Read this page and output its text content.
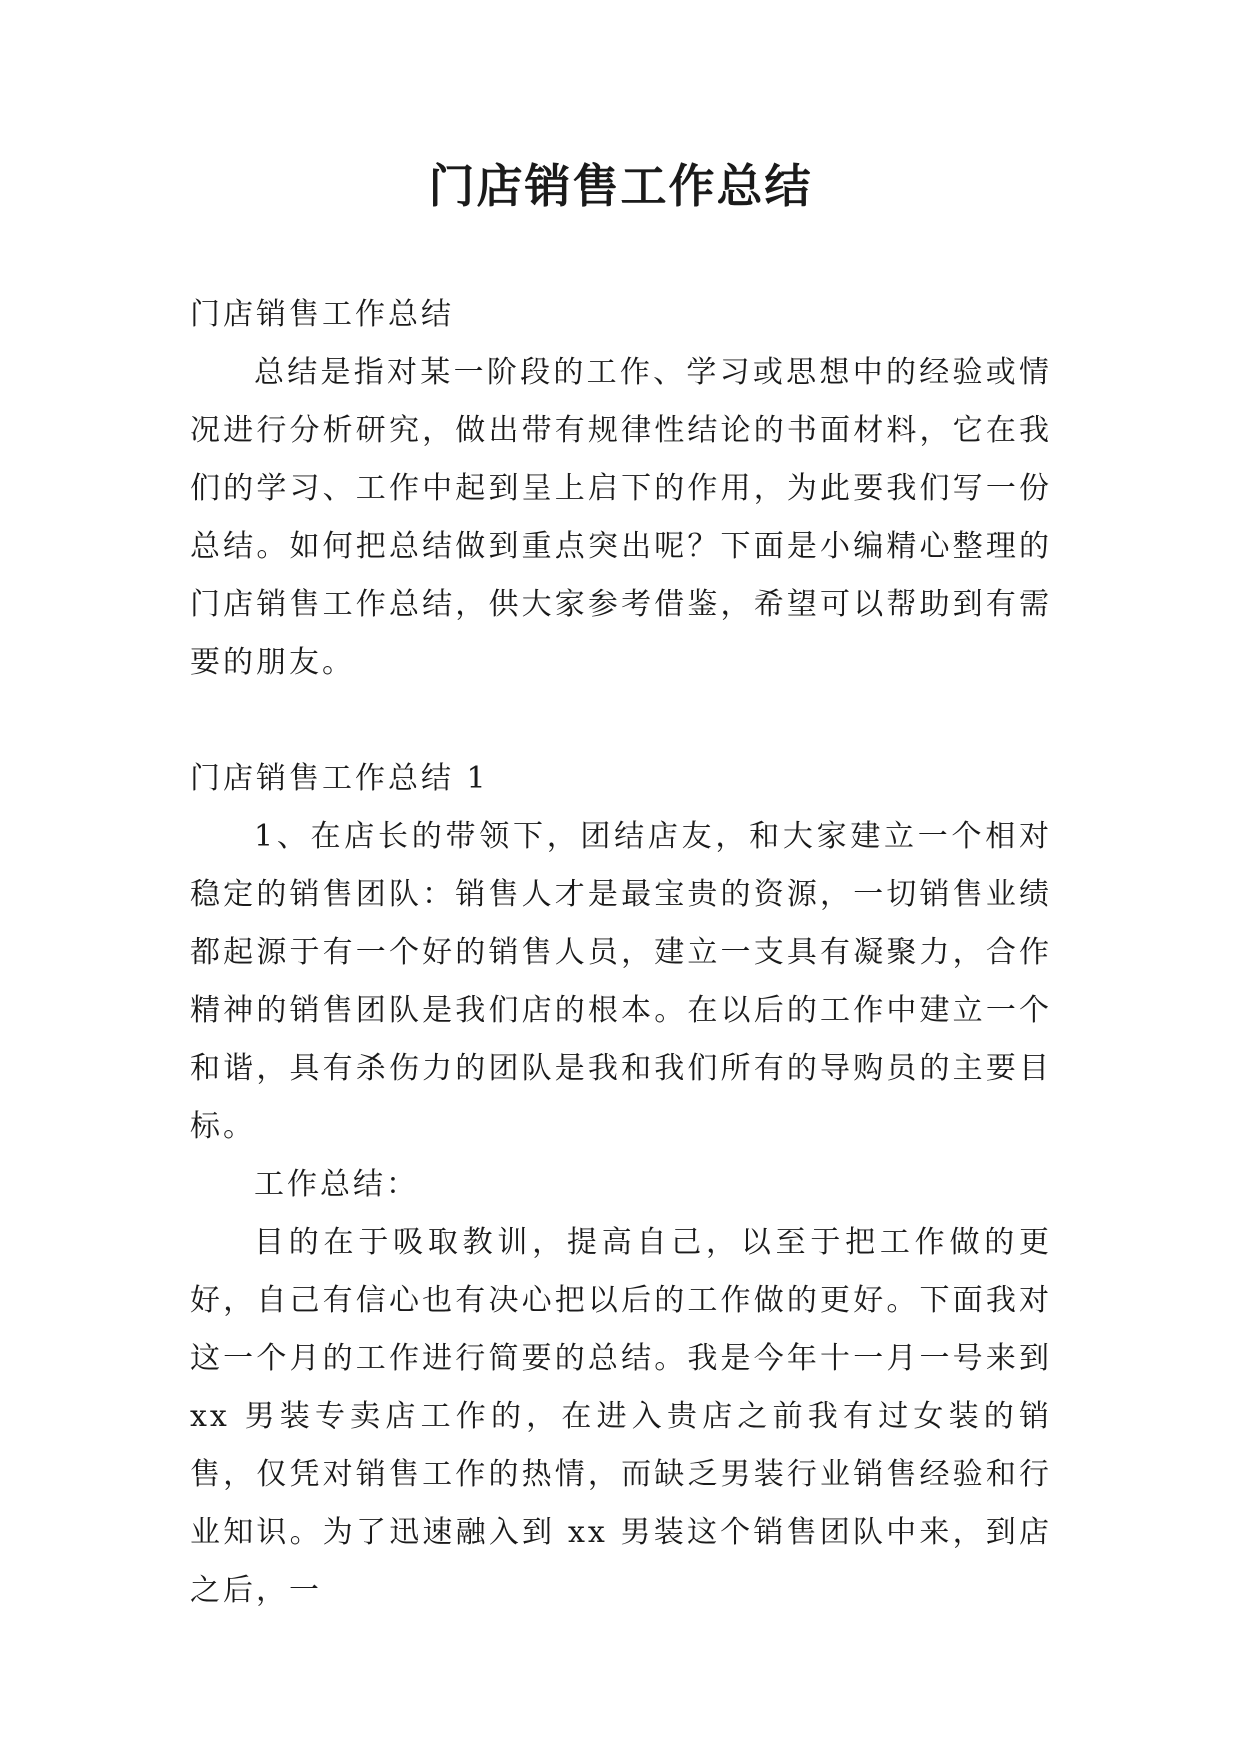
门店销售工作总结

门店销售工作总结

总结是指对某一阶段的工作、学习或思想中的经验或情况进行分析研究，做出带有规律性结论的书面材料，它在我们的学习、工作中起到呈上启下的作用，为此要我们写一份总结。如何把总结做到重点突出呢？下面是小编精心整理的门店销售工作总结，供大家参考借鉴，希望可以帮助到有需要的朋友。

门店销售工作总结 1

1、在店长的带领下，团结店友，和大家建立一个相对稳定的销售团队：销售人才是最宝贵的资源，一切销售业绩都起源于有一个好的销售人员，建立一支具有凝聚力，合作精神的销售团队是我们店的根本。在以后的工作中建立一个和谐，具有杀伤力的团队是我和我们所有的导购员的主要目标。

工作总结：

目的在于吸取教训，提高自己，以至于把工作做的更好，自己有信心也有决心把以后的工作做的更好。下面我对这一个月的工作进行简要的总结。我是今年十一月一号来到 xx 男装专卖店工作的，在进入贵店之前我有过女装的销售，仅凭对销售工作的热情，而缺乏男装行业销售经验和行业知识。为了迅速融入到 xx 男装这个销售团队中来，到店之后，一
